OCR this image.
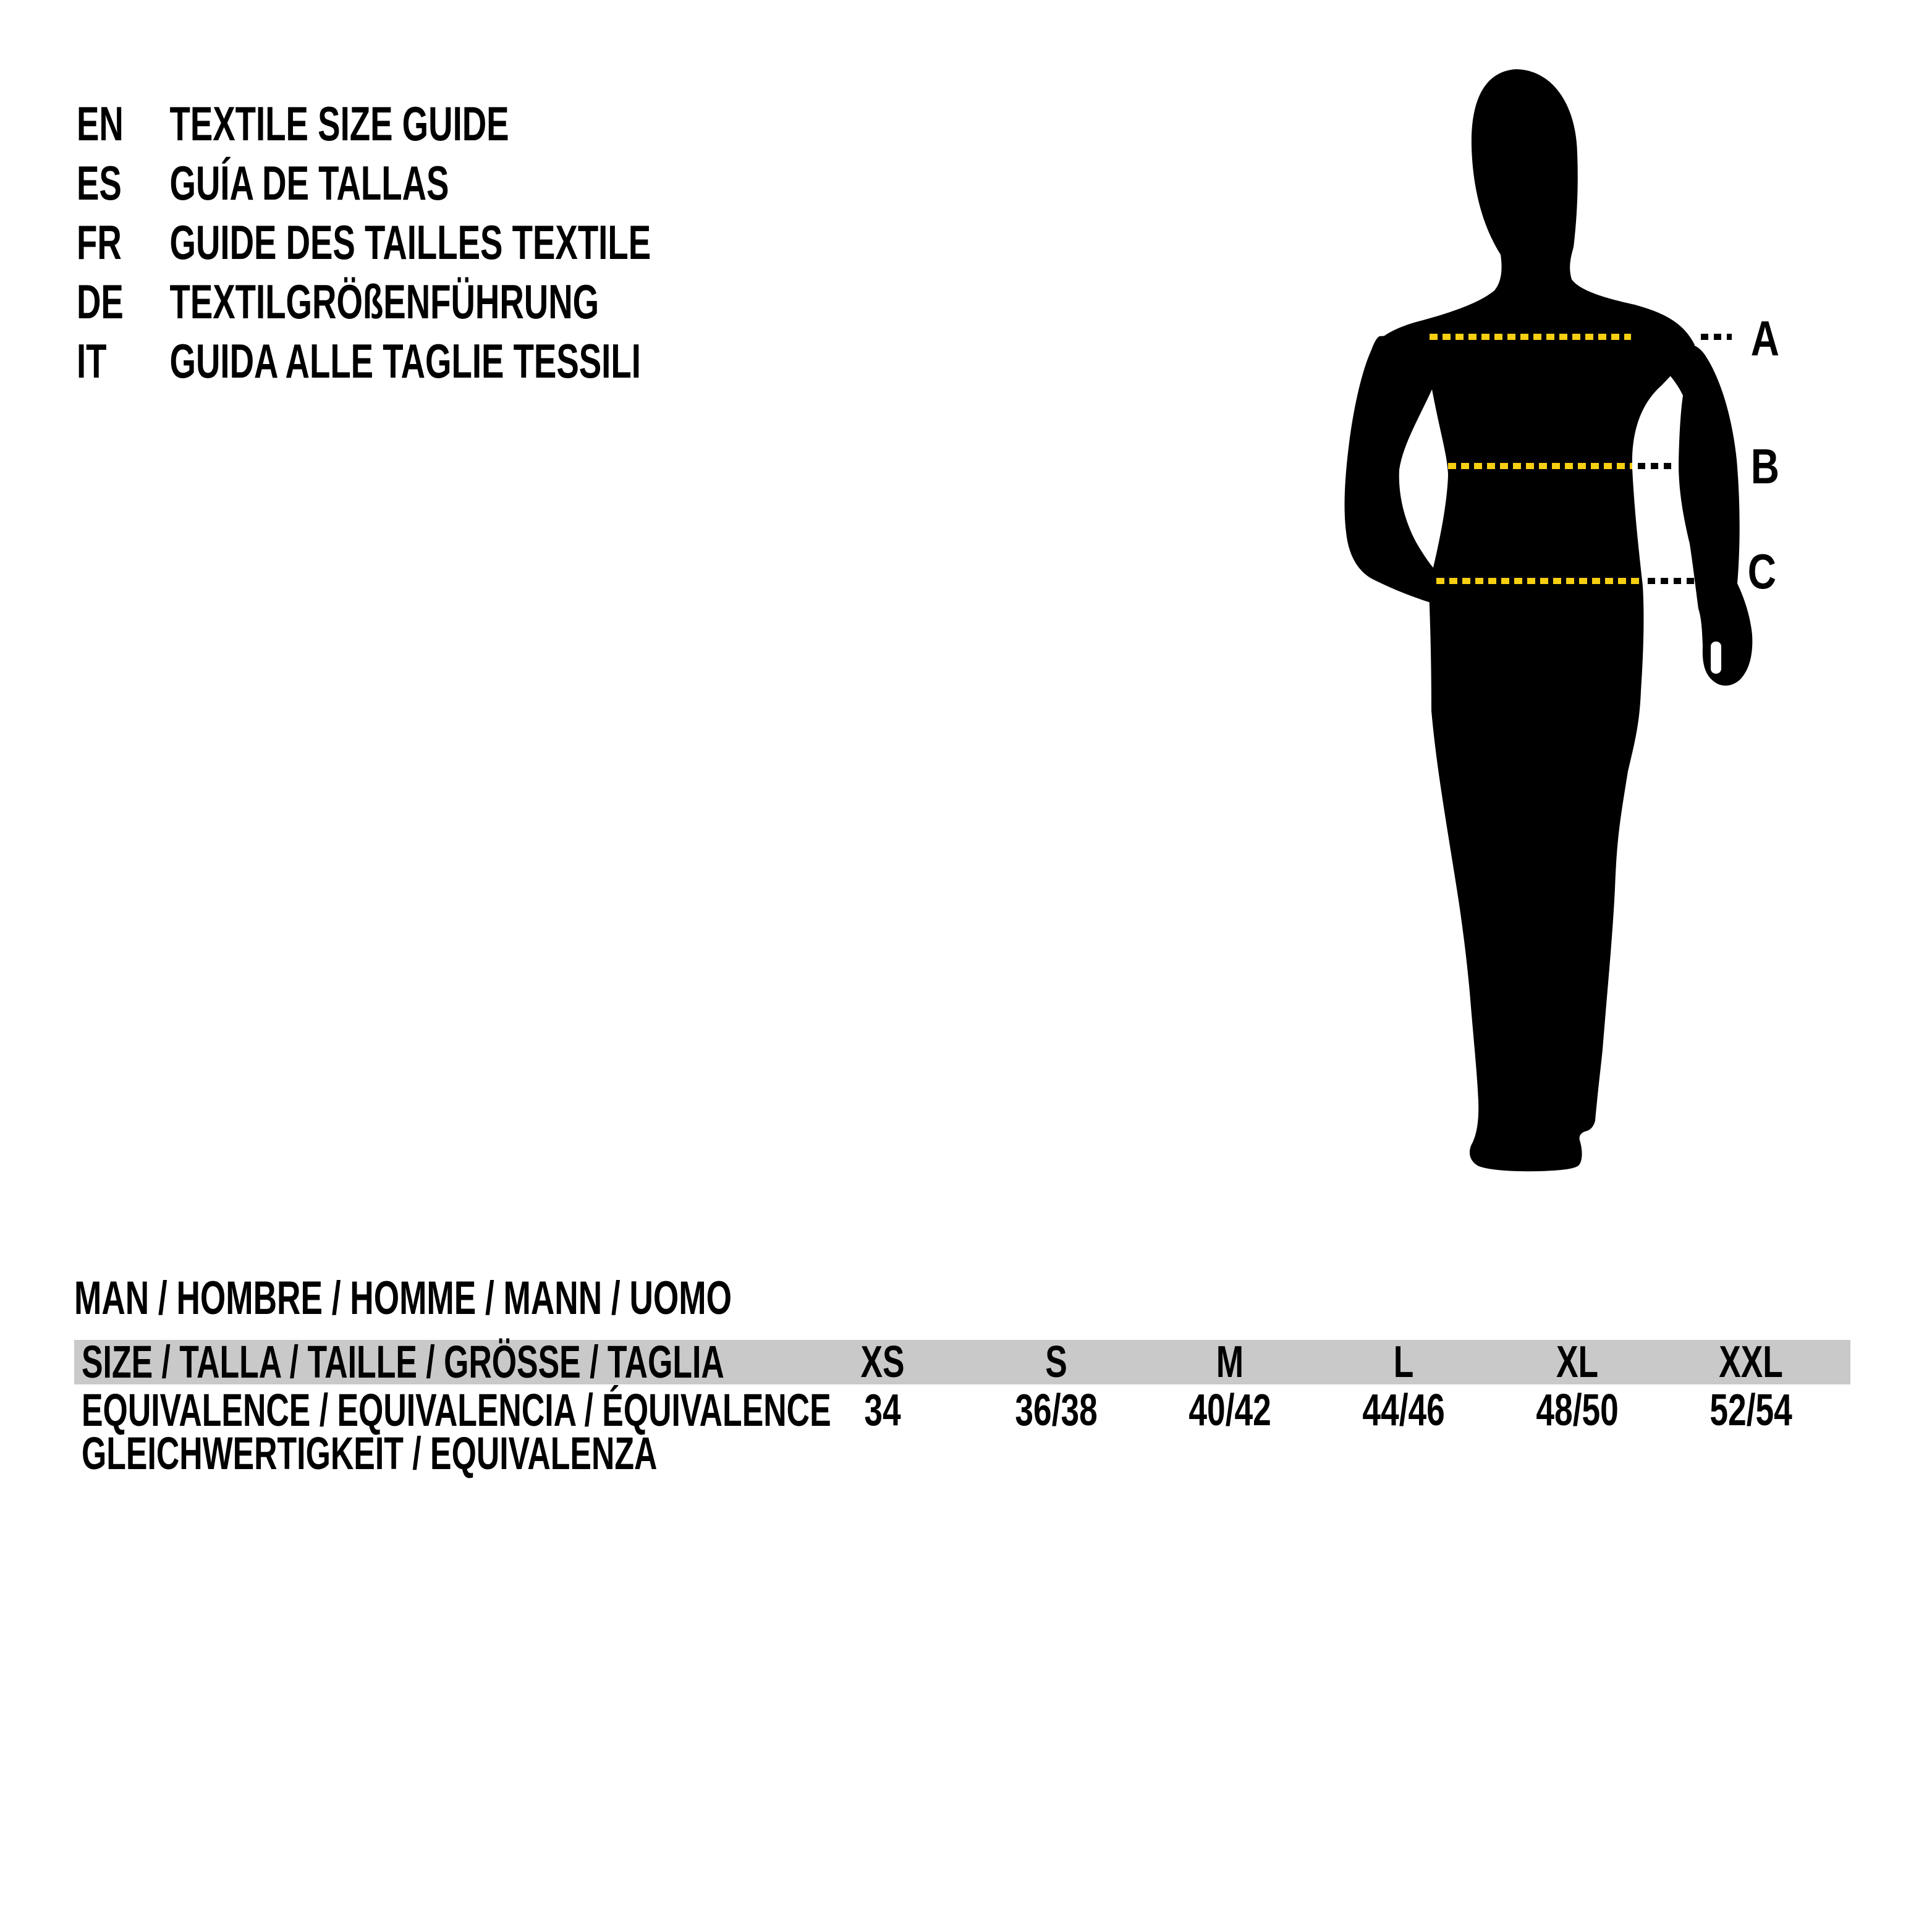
EN TEXTILE SIZE GUIDE
ES GUÍA DE TALLAS
FR GUIDE DES TAILLES TEXTILE
DE TEXTILGRÖßENFÜHRUNG
IT GUIDA ALLE TAGLIE TESSILI	A
B
C
MAN / HOMBRE / HOMME / MANN / UOMO
SIZE / TALLA / TAILLE / GRÖSSE / TAGLIA	XS	S	M	L	XL	XXL
EQUIVALENCE / EQUIVALENCIA / ÉQUIVALENCE 34	36/38	40/42	44/46	48/50	52/54
GLEICHWERTIGKEIT / EQUIVALENZA
